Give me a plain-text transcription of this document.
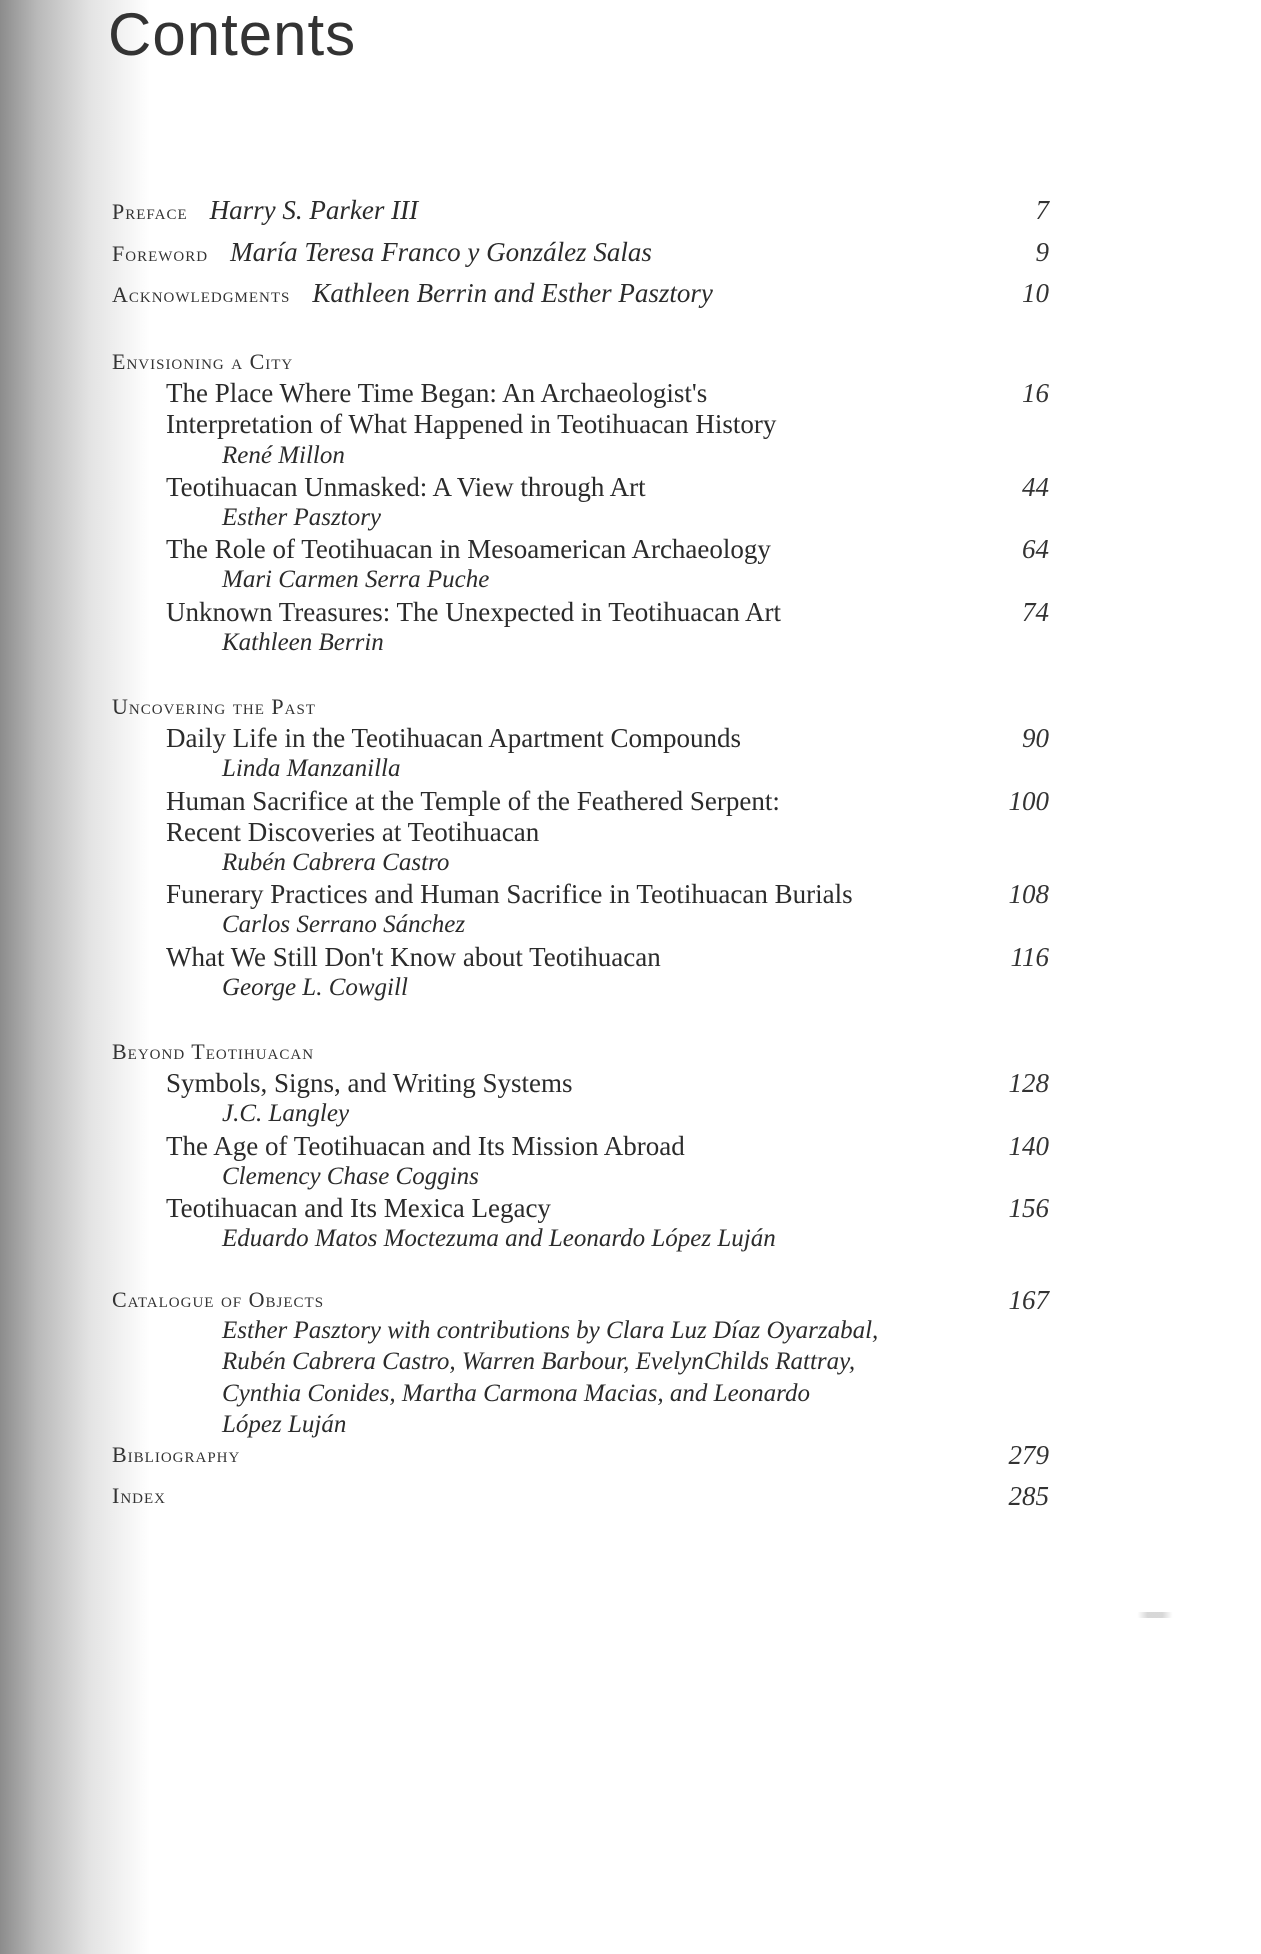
Contents
Preface Harry S. Parker III	7
Foreword María Teresa Franco y González Salas	9
Acknowledgments Kathleen Berrin and Esther Pasztory	10
Envisioning a City
The Place Where Time Began: An Archaeologist's	16
Interpretation of What Happened in Teotihuacan History
René Millon
Teotihuacan Unmasked: A View through Art	44
Esther Pasztory
The Role of Teotihuacan in Mesoamerican Archaeology	64
Mari Carmen Serra Puche
Unknown Treasures: The Unexpected in Teotihuacan Art	74
Kathleen Berrin
Uncovering the Past
Daily Life in the Teotihuacan Apartment Compounds	90
Linda Manzanilla
Human Sacrifice at the Temple of the Feathered Serpent:	100
Recent Discoveries at Teotihuacan
Rubén Cabrera Castro
Funerary Practices and Human Sacrifice in Teotihuacan Burials	108
Carlos Serrano Sánchez
What We Still Don't Know about Teotihuacan	116
George L. Cowgill
Beyond Teotihuacan
Symbols, Signs, and Writing Systems	128
J.C. Langley
The Age of Teotihuacan and Its Mission Abroad	140
Clemency Chase Coggins
Teotihuacan and Its Mexica Legacy	156
Eduardo Matos Moctezuma and Leonardo López Luján
Catalogue of Objects	167
Esther Pasztory with contributions by Clara Luz Díaz Oyarzabal,
Rubén Cabrera Castro, Warren Barbour, EvelynChilds Rattray,
Cynthia Conides, Martha Carmona Macias, and Leonardo
López Luján
Bibliography	279
Index	285
